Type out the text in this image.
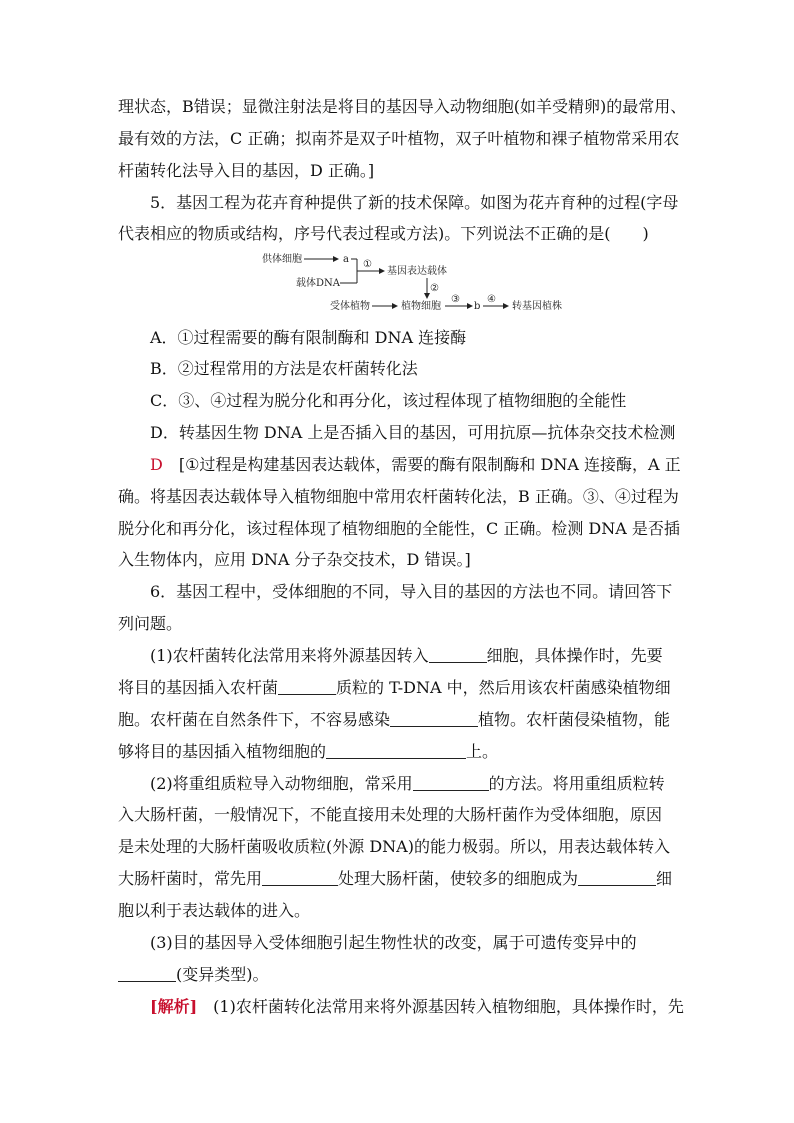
理状态，B错误；显微注射法是将目的基因导入动物细胞(如羊受精卵)的最常用、
最有效的方法，C 正确；拟南芥是双子叶植物，双子叶植物和裸子植物常采用农
杆菌转化法导入目的基因，D 正确。]
5．基因工程为花卉育种提供了新的技术保障。如图为花卉育种的过程(字母
代表相应的物质或结构，序号代表过程或方法)。下列说法不正确的是(　　)
供体细胞	a
载体DNA
①
基因表达载体
②
受体植物	植物细胞
③
b
④
转基因植株
A．①过程需要的酶有限制酶和 DNA 连接酶
B．②过程常用的方法是农杆菌转化法
C．③、④过程为脱分化和再分化，该过程体现了植物细胞的全能性
D．转基因生物 DNA 上是否插入目的基因，可用抗原—抗体杂交技术检测
D  [①过程是构建基因表达载体，需要的酶有限制酶和 DNA 连接酶，A 正
确。将基因表达载体导入植物细胞中常用农杆菌转化法，B 正确。③、④过程为
脱分化和再分化，该过程体现了植物细胞的全能性，C 正确。检测 DNA 是否插
入生物体内，应用 DNA 分子杂交技术，D 错误。]
6．基因工程中，受体细胞的不同，导入目的基因的方法也不同。请回答下
列问题。
(1)农杆菌转化法常用来将外源基因转入	细胞，具体操作时，先要
将目的基因插入农杆菌	质粒的 T-DNA 中，然后用该农杆菌感染植物细
胞。农杆菌在自然条件下，不容易感染	植物。农杆菌侵染植物，能
够将目的基因插入植物细胞的	上。
(2)将重组质粒导入动物细胞，常采用	的方法。将用重组质粒转
入大肠杆菌，一般情况下，不能直接用未处理的大肠杆菌作为受体细胞，原因
是未处理的大肠杆菌吸收质粒(外源 DNA)的能力极弱。所以，用表达载体转入
大肠杆菌时，常先用	处理大肠杆菌，使较多的细胞成为	细
胞以利于表达载体的进入。
(3)目的基因导入受体细胞引起生物性状的改变，属于可遗传变异中的
(变异类型)。
[解析]　(1)农杆菌转化法常用来将外源基因转入植物细胞，具体操作时，先
